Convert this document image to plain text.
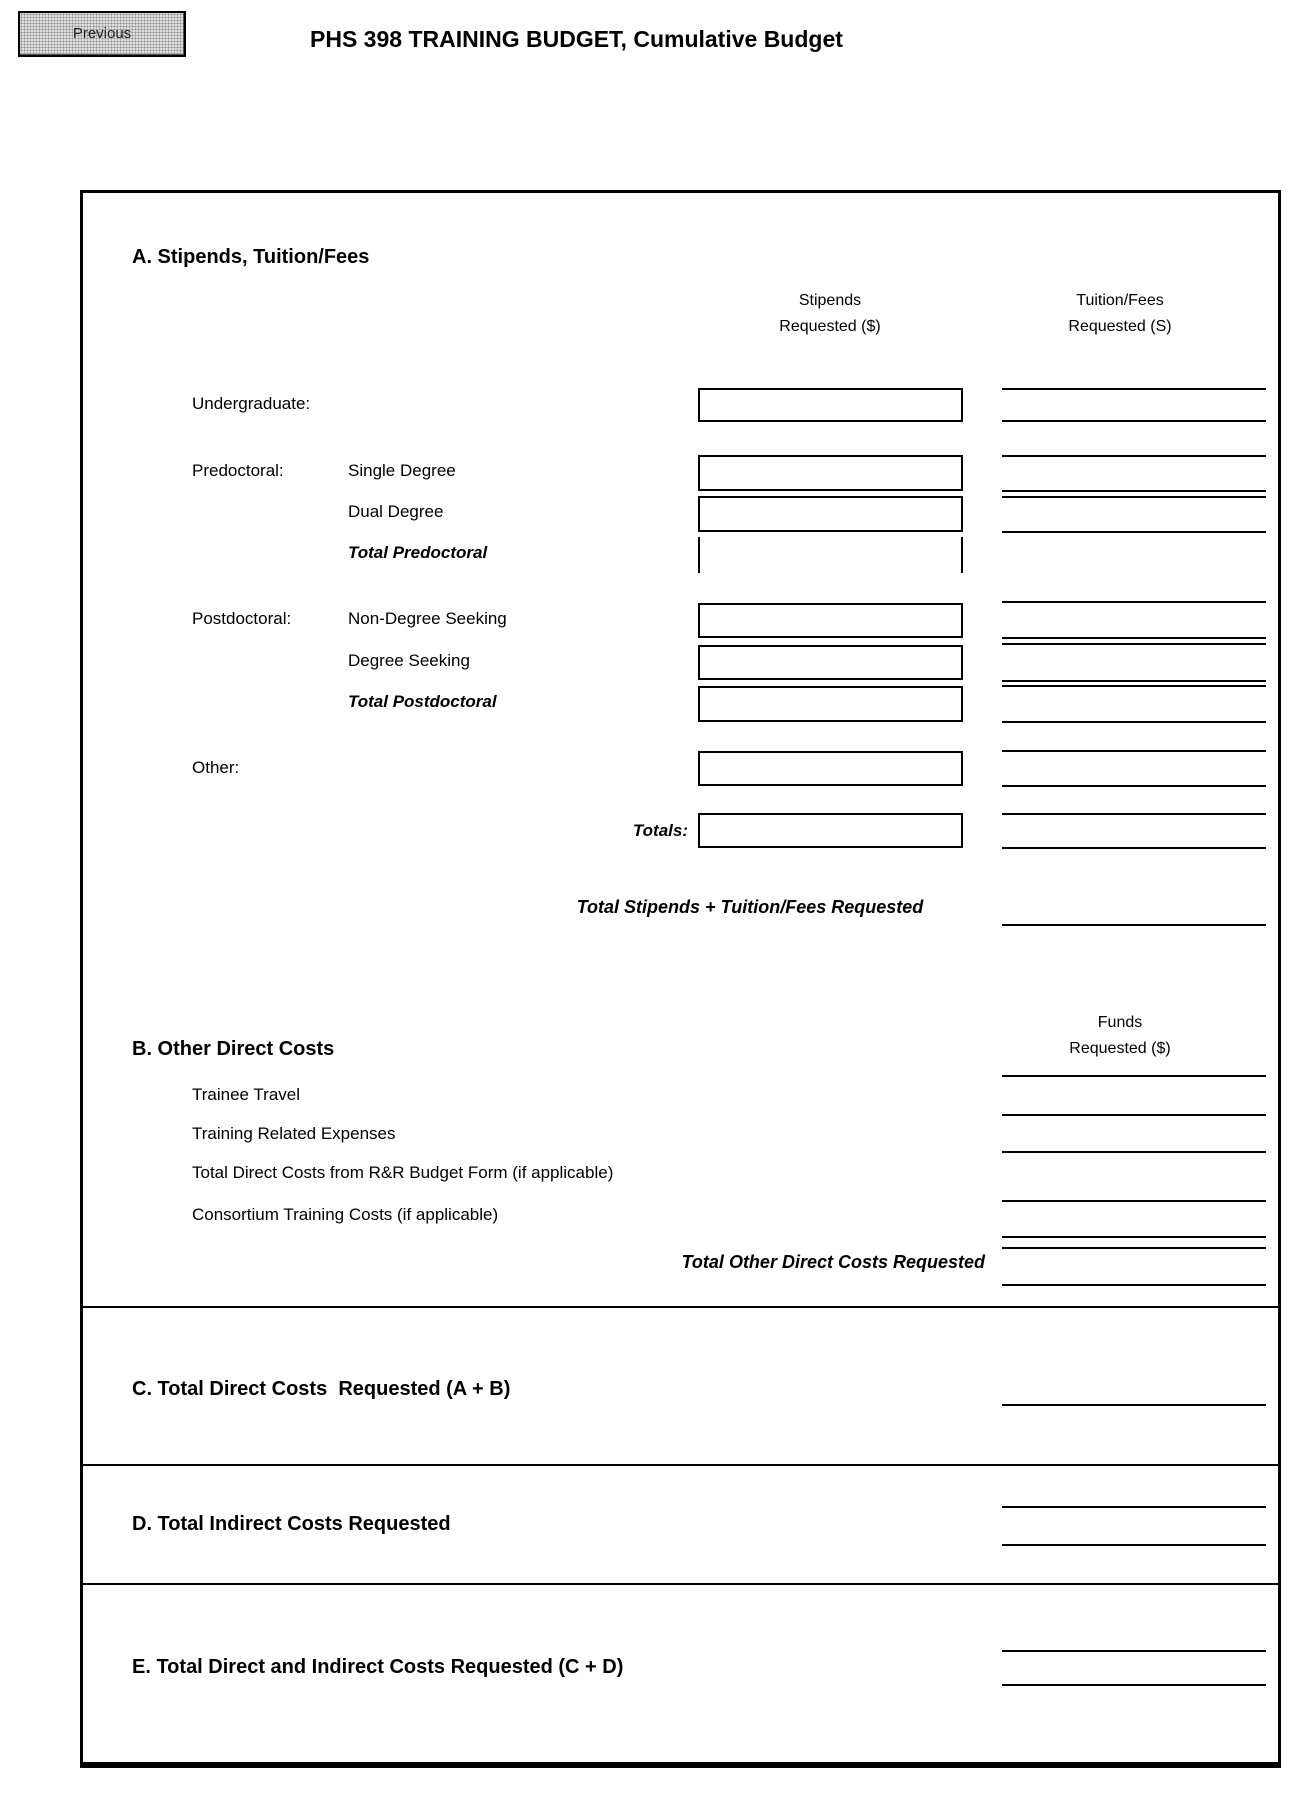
Previous	PHS 398 TRAINING BUDGET, Cumulative Budget
A. Stipends, Tuition/Fees
Stipends
Requested ($)
Tuition/Fees
Requested (S)
Undergraduate:
Predoctoral:	Single Degree
Dual Degree
Total Predoctoral
Postdoctoral:	Non-Degree Seeking
Degree Seeking
Total Postdoctoral
Other:
Totals:
Total Stipends + Tuition/Fees Requested
B. Other Direct Costs
Funds
Requested ($)
Trainee Travel
Training Related Expenses
Total Direct Costs from R&R Budget Form (if applicable)
Consortium Training Costs (if applicable)
Total Other Direct Costs Requested
C. Total Direct Costs  Requested (A + B)
D. Total Indirect Costs Requested
E. Total Direct and Indirect Costs Requested (C + D)
